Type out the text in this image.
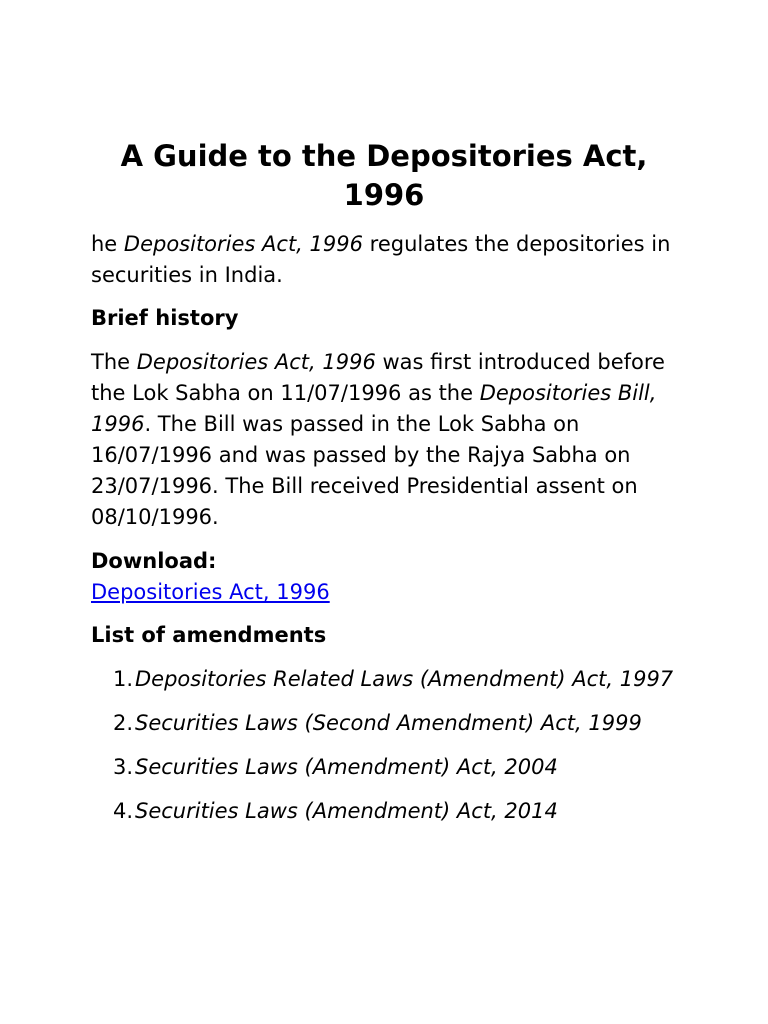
A Guide to the Depositories Act, 1996

he Depositories Act, 1996 regulates the depositories in securities in India.

Brief history

The Depositories Act, 1996 was first introduced before the Lok Sabha on 11/07/1996 as the Depositories Bill, 1996. The Bill was passed in the Lok Sabha on 16/07/1996 and was passed by the Rajya Sabha on 23/07/1996. The Bill received Presidential assent on 08/10/1996.

Download:
Depositories Act, 1996
List of amendments
1. Depositories Related Laws (Amendment) Act, 1997
2. Securities Laws (Second Amendment) Act, 1999
3. Securities Laws (Amendment) Act, 2004
4. Securities Laws (Amendment) Act, 2014
